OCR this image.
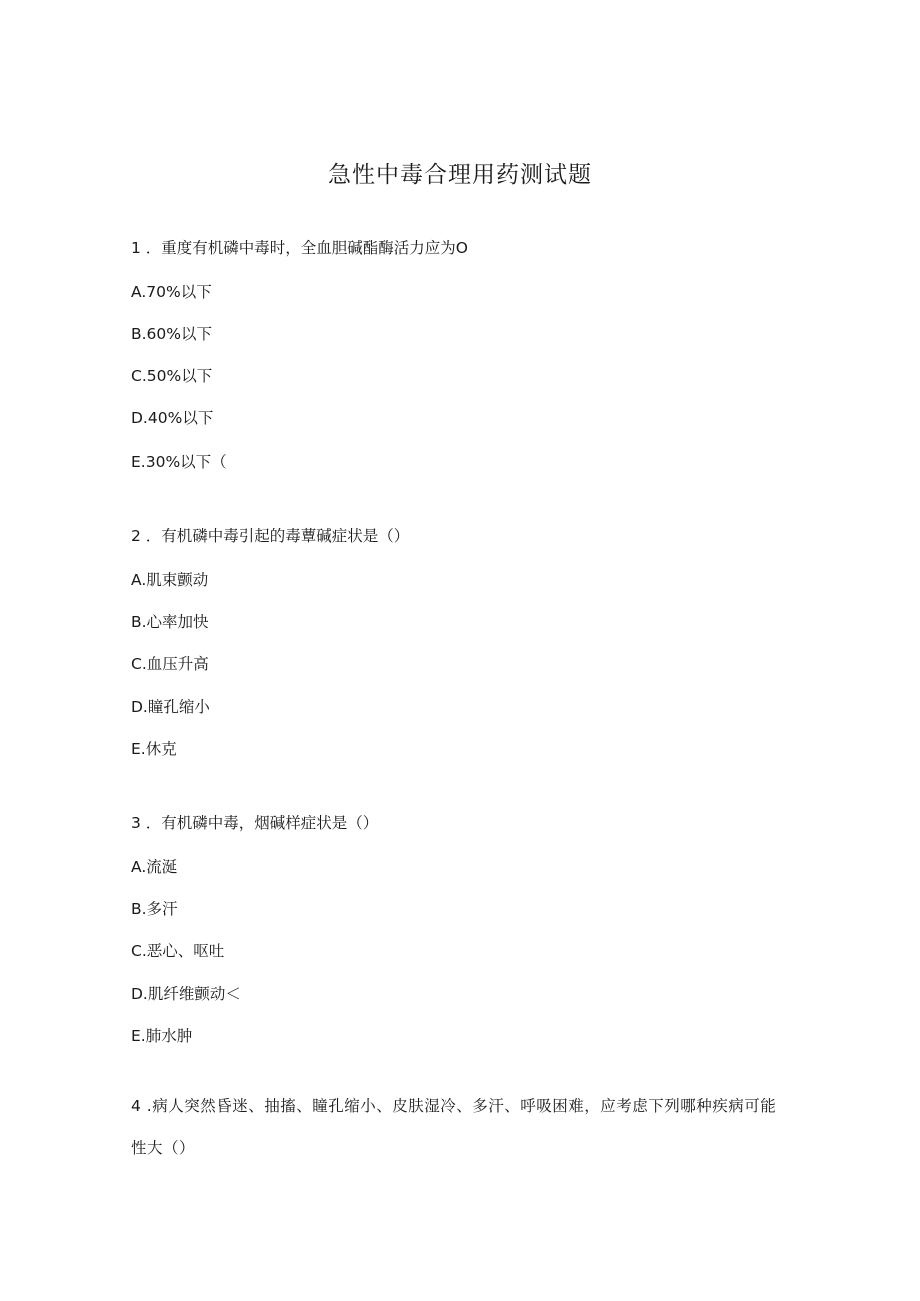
急性中毒合理用药测试题
1 ．重度有机磷中毒时，全血胆碱酯酶活力应为O
A.70%以下
B.60%以下
C.50%以下
D.40%以下
E.30%以下（
2 ．有机磷中毒引起的毒蕈碱症状是（）
A.肌束颤动
B.心率加快
C.血压升高
D.瞳孔缩小
E.休克
3 ．有机磷中毒，烟碱样症状是（）
A.流涎
B.多汗
C.恶心、呕吐
D.肌纤维颤动＜
E.肺水肿
4 .病人突然昏迷、抽搐、瞳孔缩小、皮肤湿冷、多汗、呼吸困难，应考虑下列哪种疾病可能性大（）
